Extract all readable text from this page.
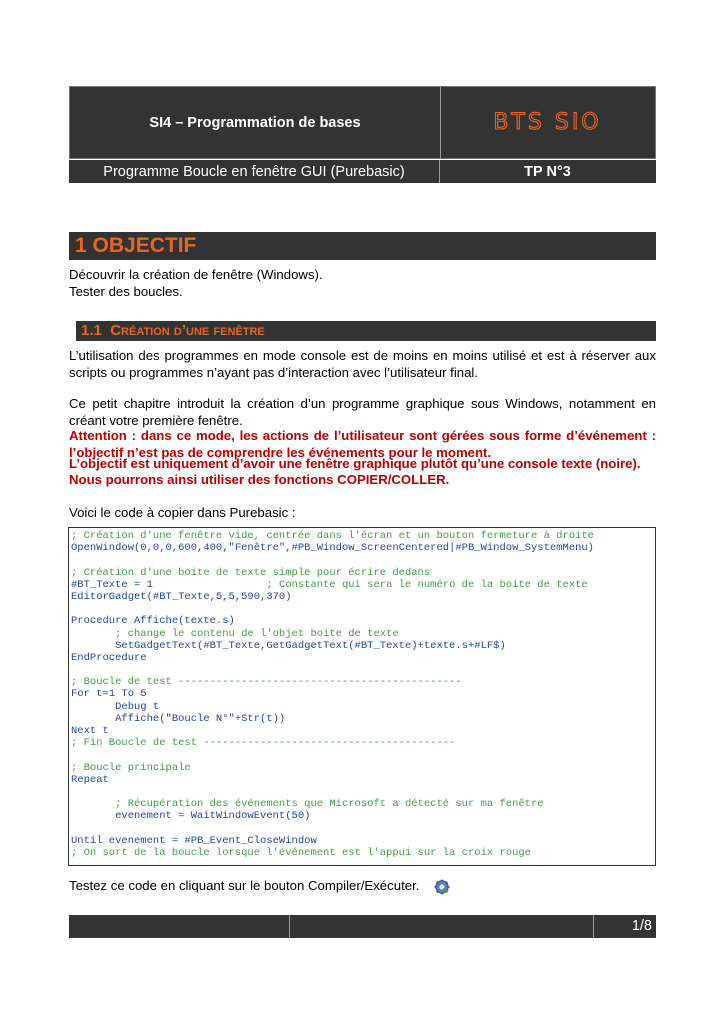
SI4 – Programmation de bases	BTS SIO
Programme Boucle en fenêtre GUI (Purebasic)	TP N°3
1 OBJECTIF
Découvrir la création de fenêtre (Windows).
Tester des boucles.
1.1 Création d’une fenêtre
L’utilisation des programmes en mode console est de moins en moins utilisé et est à réserver aux scripts ou programmes n’ayant pas d’interaction avec l’utilisateur final.
Ce petit chapitre introduit la création d’un programme graphique sous Windows, notamment en créant votre première fenêtre.
Attention : dans ce mode, les actions de l’utilisateur sont gérées sous forme d’événement : l’objectif n’est pas de comprendre les événements pour le moment.
L’objectif est uniquement d’avoir une fenêtre graphique plutôt qu’une console texte (noire).
Nous pourrons ainsi utiliser des fonctions COPIER/COLLER.
Voici le code à copier dans Purebasic :
; Création d'une fenêtre vide, centrée dans l'écran et un bouton fermeture à droite
OpenWindow(0,0,0,600,400,"Fenêtre",#PB_Window_ScreenCentered|#PB_Window_SystemMenu)

; Création d'une boite de texte simple pour écrire dedans
#BT_Texte = 1                  ; Constante qui sera le numéro de la boite de texte
EditorGadget(#BT_Texte,5,5,590,370)

Procedure Affiche(texte.s)
; change le contenu de l'objet boite de texte
SetGadgetText(#BT_Texte,GetGadgetText(#BT_Texte)+texte.s+#LF$)
EndProcedure

; Boucle de test ---------------------------------------------
For t=1 To 5
Debug t
Affiche("Boucle N°"+Str(t))
Next t
; Fin Boucle de test ----------------------------------------

; Boucle principale
Repeat

; Récupération des événements que Microsoft a détecté sur ma fenêtre
evenement = WaitWindowEvent(50)

Until evenement = #PB_Event_CloseWindow
; On sort de la boucle lorsque l'événement est l'appui sur la croix rouge
Testez ce code en cliquant sur le bouton Compiler/Exécuter.
1/8
